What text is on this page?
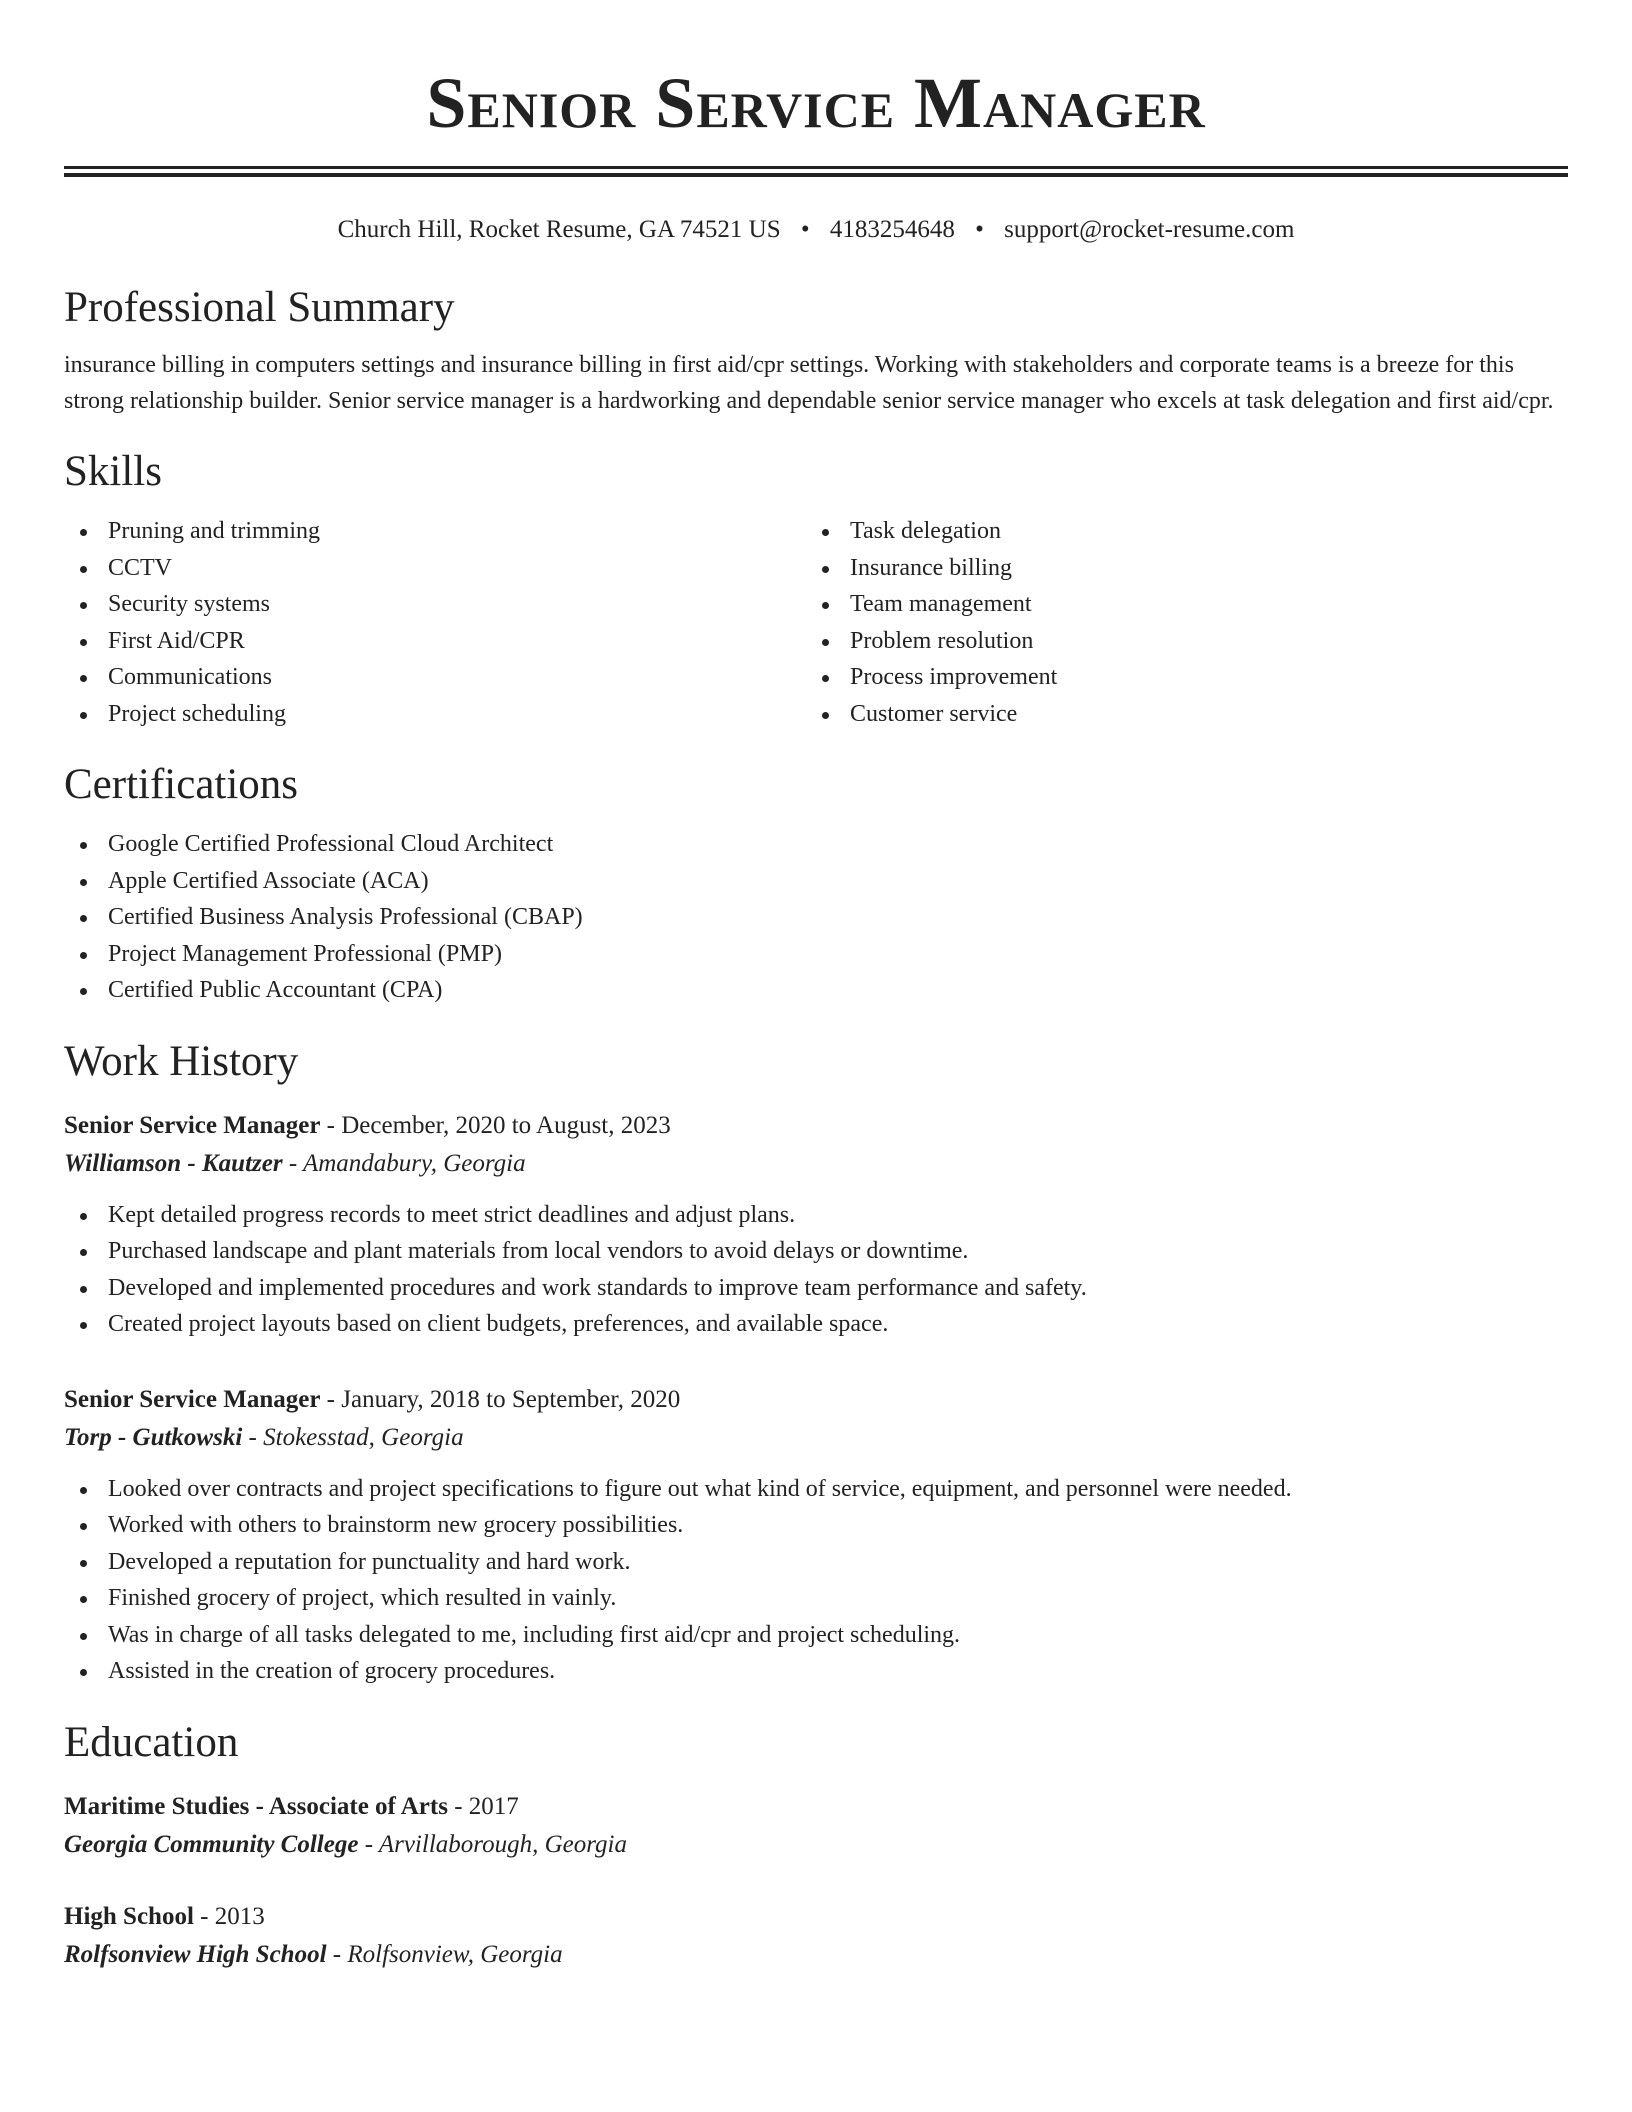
Senior Service Manager
Church Hill, Rocket Resume, GA 74521 US • 4183254648 • support@rocket-resume.com
Professional Summary

insurance billing in computers settings and insurance billing in first aid/cpr settings. Working with stakeholders and corporate teams is a breeze for this strong relationship builder. Senior service manager is a hardworking and dependable senior service manager who excels at task delegation and first aid/cpr.

Skills
Pruning and trimming
CCTV
Security systems
First Aid/CPR
Communications
Project scheduling
Task delegation
Insurance billing
Team management
Problem resolution
Process improvement
Customer service
Certifications
Google Certified Professional Cloud Architect
Apple Certified Associate (ACA)
Certified Business Analysis Professional (CBAP)
Project Management Professional (PMP)
Certified Public Accountant (CPA)
Work History
Senior Service Manager - December, 2020 to August, 2023
Williamson - Kautzer - Amandabury, Georgia
Kept detailed progress records to meet strict deadlines and adjust plans.
Purchased landscape and plant materials from local vendors to avoid delays or downtime.
Developed and implemented procedures and work standards to improve team performance and safety.
Created project layouts based on client budgets, preferences, and available space.
Senior Service Manager - January, 2018 to September, 2020
Torp - Gutkowski - Stokesstad, Georgia
Looked over contracts and project specifications to figure out what kind of service, equipment, and personnel were needed.
Worked with others to brainstorm new grocery possibilities.
Developed a reputation for punctuality and hard work.
Finished grocery of project, which resulted in vainly.
Was in charge of all tasks delegated to me, including first aid/cpr and project scheduling.
Assisted in the creation of grocery procedures.
Education
Maritime Studies - Associate of Arts - 2017
Georgia Community College - Arvillaborough, Georgia
High School - 2013
Rolfsonview High School - Rolfsonview, Georgia
